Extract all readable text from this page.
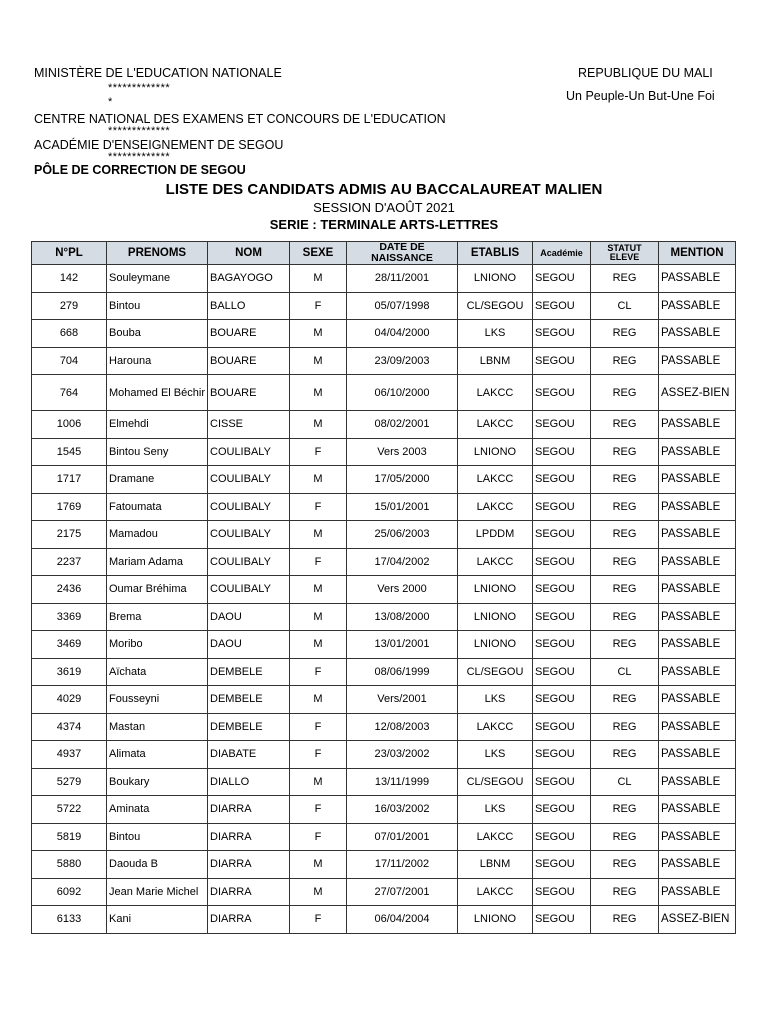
MINISTÈRE DE L'EDUCATION NATIONALE
*************
*
CENTRE NATIONAL DES EXAMENS ET CONCOURS DE L'EDUCATION
*************
ACADÉMIE D'ENSEIGNEMENT DE SEGOU
*************
PÔLE DE CORRECTION DE SEGOU
REPUBLIQUE DU MALI
Un Peuple-Un But-Une Foi
LISTE DES CANDIDATS ADMIS AU BACCALAUREAT MALIEN
SESSION D'AOÛT 2021
SERIE : TERMINALE ARTS-LETTRES
N°PL	PRENOMS	NOM	SEXE	DATE DE NAISSANCE	ETABLIS	Académie	STATUT ELEVE	MENTION
142	Souleymane	BAGAYOGO	M	28/11/2001	LNIONO	SEGOU	REG	PASSABLE
279	Bintou	BALLO	F	05/07/1998	CL/SEGOU	SEGOU	CL	PASSABLE
668	Bouba	BOUARE	M	04/04/2000	LKS	SEGOU	REG	PASSABLE
704	Harouna	BOUARE	M	23/09/2003	LBNM	SEGOU	REG	PASSABLE
764	Mohamed El Béchir	BOUARE	M	06/10/2000	LAKCC	SEGOU	REG	ASSEZ-BIEN
1006	Elmehdi	CISSE	M	08/02/2001	LAKCC	SEGOU	REG	PASSABLE
1545	Bintou Seny	COULIBALY	F	Vers 2003	LNIONO	SEGOU	REG	PASSABLE
1717	Dramane	COULIBALY	M	17/05/2000	LAKCC	SEGOU	REG	PASSABLE
1769	Fatoumata	COULIBALY	F	15/01/2001	LAKCC	SEGOU	REG	PASSABLE
2175	Mamadou	COULIBALY	M	25/06/2003	LPDDM	SEGOU	REG	PASSABLE
2237	Mariam Adama	COULIBALY	F	17/04/2002	LAKCC	SEGOU	REG	PASSABLE
2436	Oumar Bréhima	COULIBALY	M	Vers 2000	LNIONO	SEGOU	REG	PASSABLE
3369	Brema	DAOU	M	13/08/2000	LNIONO	SEGOU	REG	PASSABLE
3469	Moribo	DAOU	M	13/01/2001	LNIONO	SEGOU	REG	PASSABLE
3619	Aïchata	DEMBELE	F	08/06/1999	CL/SEGOU	SEGOU	CL	PASSABLE
4029	Fousseyni	DEMBELE	M	Vers/2001	LKS	SEGOU	REG	PASSABLE
4374	Mastan	DEMBELE	F	12/08/2003	LAKCC	SEGOU	REG	PASSABLE
4937	Alimata	DIABATE	F	23/03/2002	LKS	SEGOU	REG	PASSABLE
5279	Boukary	DIALLO	M	13/11/1999	CL/SEGOU	SEGOU	CL	PASSABLE
5722	Aminata	DIARRA	F	16/03/2002	LKS	SEGOU	REG	PASSABLE
5819	Bintou	DIARRA	F	07/01/2001	LAKCC	SEGOU	REG	PASSABLE
5880	Daouda B	DIARRA	M	17/11/2002	LBNM	SEGOU	REG	PASSABLE
6092	Jean Marie Michel	DIARRA	M	27/07/2001	LAKCC	SEGOU	REG	PASSABLE
6133	Kani	DIARRA	F	06/04/2004	LNIONO	SEGOU	REG	ASSEZ-BIEN
